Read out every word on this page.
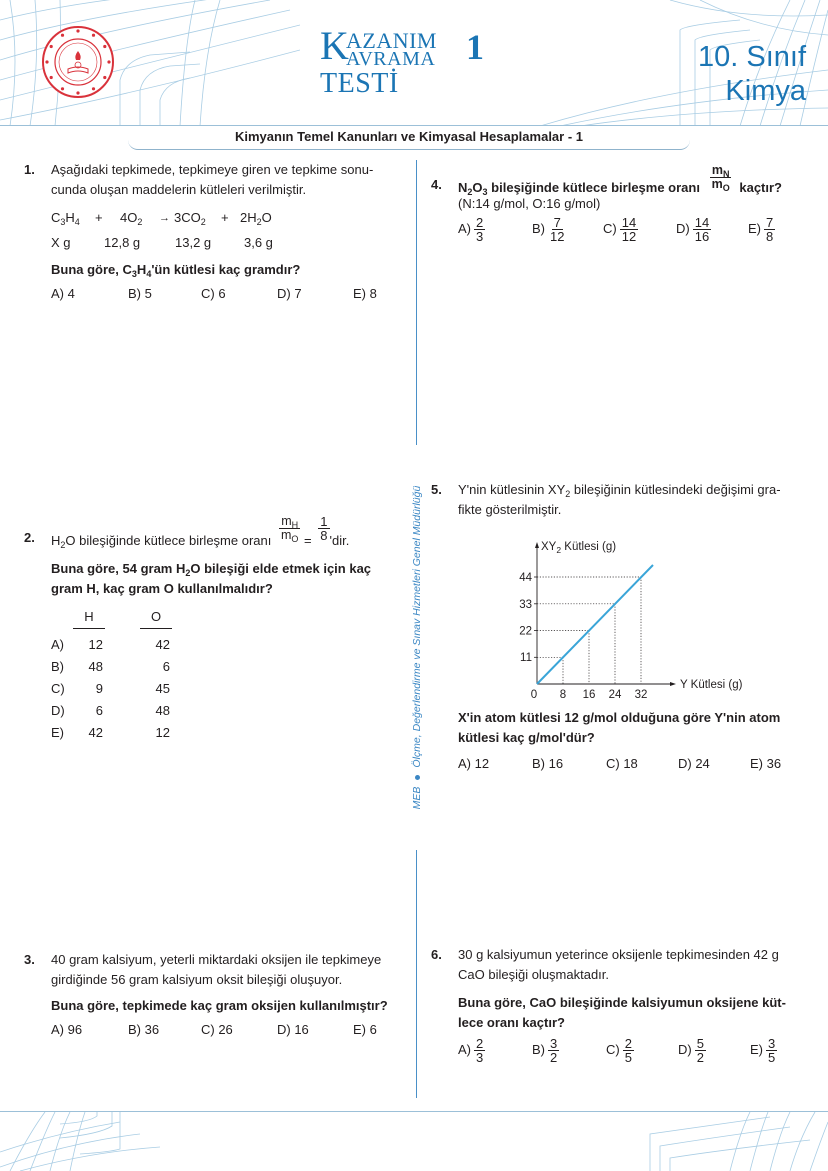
K
AZANIM
AVRAMA
TESTİ
1	10. Sınıf
Kimya
Kimyanın Temel Kanunları ve Kimyasal Hesaplamalar - 1
MEBÖlçme, Değerlendirme ve Sınav Hizmetleri Genel Müdürlüğü
1. Aşağıdaki tepkimede, tepkimeye giren ve tepkime sonu-
cunda oluşan maddelerin kütleleri verilmiştir.
$C_3H_4 + 4O_2 \to 3CO_2 + 2H_2O$
X g	12,8 g	13,2 g	3,6 g
Buna göre, $C_3H_4'ün$ kütlesi kaç gramdır?
A) 4	B) 5	C) 6	D) 7	E) 8
2. $H_2O$ bileşiğinde kütlece birleşme oranı $\frac{m_H}{m_O} = \frac{1}{8}$ 'dir.
Buna göre, 54 gram $H_2O$ bileşiği elde etmek için kaç
gram H, kaç gram O kullanılmalıdır?
H	O
A)	12	42
B)	48	6
C)	9	45
D)	6	48
E)	42	12
3. 40 gram kalsiyum, yeterli miktardaki oksijen ile tepkimeye
girdiğinde 56 gram kalsiyum oksit bileşiği oluşuyor.
Buna göre, tepkimede kaç gram oksijen kullanılmıştır?
A) 96	B) 36	C) 26	D) 16	E) 6
4. $N_2O_3$ bileşiğinde kütlece birleşme oranı $\frac{m_N}{m_O}$ kaçtır?
(N:14 g/mol, O:16 g/mol)
$A) \frac{2}{3}$	$B) \frac{7}{12}$	$C) \frac{14}{12}$	$D) \frac{14}{16}$	$E) \frac{7}{8}$
5. Y'nin kütlesinin $XY_2$ bileşiğinin kütlesindeki değişimi gra-
fikte gösterilmiştir.
11
22
33
44
0 8 16 24 32
Y Kütlesi (g)
$XY_2$ Kütlesi (g)
X'in atom kütlesi 12 g/mol olduğuna göre Y'nin atom
kütlesi kaç g/mol'dür?
A) 12	B) 16	C) 18	D) 24	E) 36
6. 30 g kalsiyumun yeterince oksijenle tepkimesinden 42 g
CaO bileşiği oluşmaktadır.
Buna göre, CaO bileşiğinde kalsiyumun oksijene küt-
lece oranı kaçtır?
$A) \frac{2}{3}$	$B) \frac{3}{2}$	$C) \frac{2}{5}$	$D) \frac{5}{2}$	$E) \frac{3}{5}$
